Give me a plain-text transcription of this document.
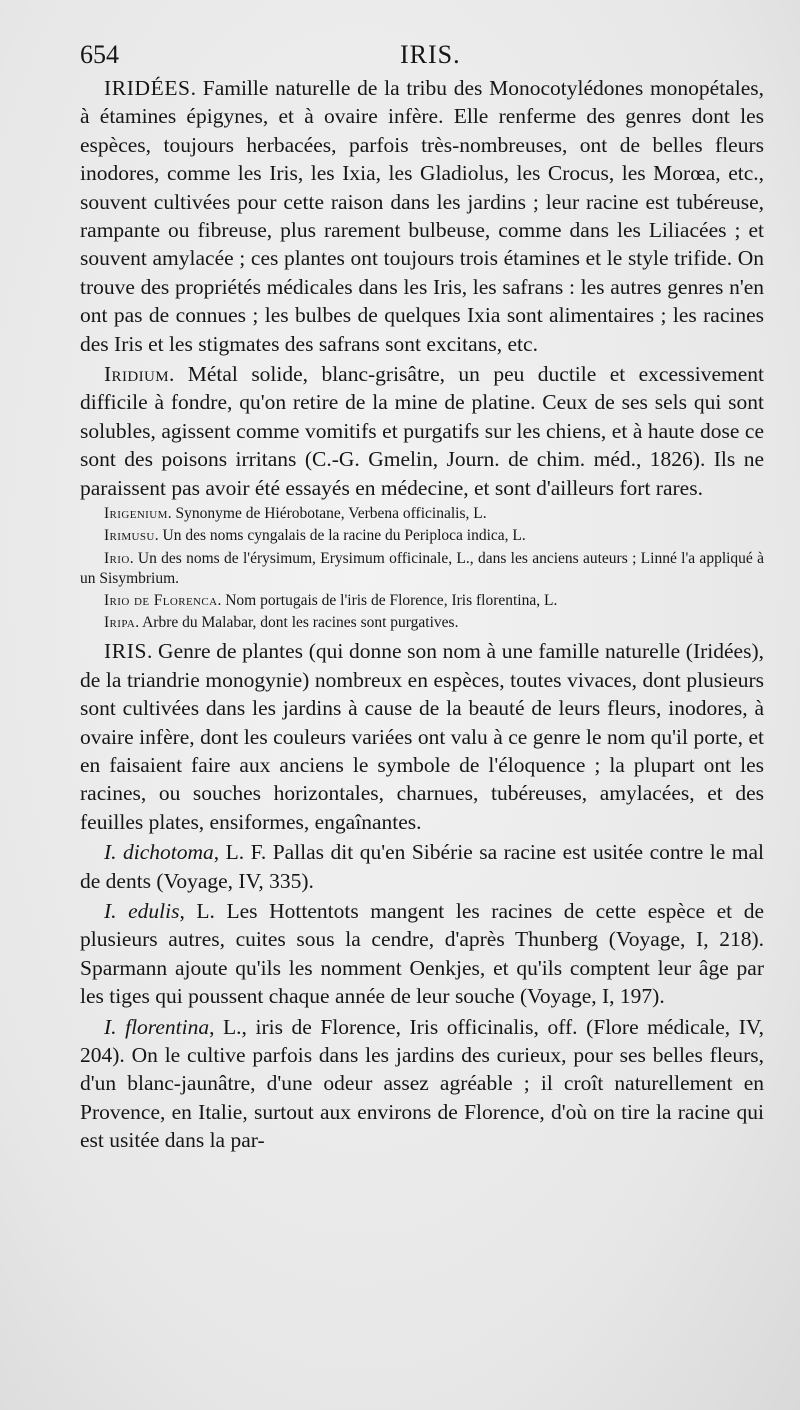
654	IRIS.

IRIDÉES. Famille naturelle de la tribu des Monocotylédones monopétales, à étamines épigynes, et à ovaire infère. Elle renferme des genres dont les espèces, toujours herbacées, parfois très-nombreuses, ont de belles fleurs inodores, comme les Iris, les Ixia, les Gladiolus, les Crocus, les Morœa, etc., souvent cultivées pour cette raison dans les jardins ; leur racine est tubéreuse, rampante ou fibreuse, plus rarement bulbeuse, comme dans les Liliacées ; et souvent amylacée ; ces plantes ont toujours trois étamines et le style trifide. On trouve des propriétés médicales dans les Iris, les safrans : les autres genres n'en ont pas de connues ; les bulbes de quelques Ixia sont alimentaires ; les racines des Iris et les stigmates des safrans sont excitans, etc.

Iridium. Métal solide, blanc-grisâtre, un peu ductile et excessivement difficile à fondre, qu'on retire de la mine de platine. Ceux de ses sels qui sont solubles, agissent comme vomitifs et purgatifs sur les chiens, et à haute dose ce sont des poisons irritans (C.-G. Gmelin, Journ. de chim. méd., 1826). Ils ne paraissent pas avoir été essayés en médecine, et sont d'ailleurs fort rares.

Irigenium. Synonyme de Hiérobotane, Verbena officinalis, L.

Irimusu. Un des noms cyngalais de la racine du Periploca indica, L.

Irio. Un des noms de l'érysimum, Erysimum officinale, L., dans les anciens auteurs ; Linné l'a appliqué à un Sisymbrium.

Irio de Florenca. Nom portugais de l'iris de Florence, Iris florentina, L.

Iripa. Arbre du Malabar, dont les racines sont purgatives.

IRIS. Genre de plantes (qui donne son nom à une famille naturelle (Iridées), de la triandrie monogynie) nombreux en espèces, toutes vivaces, dont plusieurs sont cultivées dans les jardins à cause de la beauté de leurs fleurs, inodores, à ovaire infère, dont les couleurs variées ont valu à ce genre le nom qu'il porte, et en faisaient faire aux anciens le symbole de l'éloquence ; la plupart ont les racines, ou souches horizontales, charnues, tubéreuses, amylacées, et des feuilles plates, ensiformes, engaînantes.

I. dichotoma, L. F. Pallas dit qu'en Sibérie sa racine est usitée contre le mal de dents (Voyage, IV, 335).

I. edulis, L. Les Hottentots mangent les racines de cette espèce et de plusieurs autres, cuites sous la cendre, d'après Thunberg (Voyage, I, 218). Sparmann ajoute qu'ils les nomment Oenkjes, et qu'ils comptent leur âge par les tiges qui poussent chaque année de leur souche (Voyage, I, 197).

I. florentina, L., iris de Florence, Iris officinalis, off. (Flore médicale, IV, 204). On le cultive parfois dans les jardins des curieux, pour ses belles fleurs, d'un blanc-jaunâtre, d'une odeur assez agréable ; il croît naturellement en Provence, en Italie, surtout aux environs de Florence, d'où on tire la racine qui est usitée dans la par-
